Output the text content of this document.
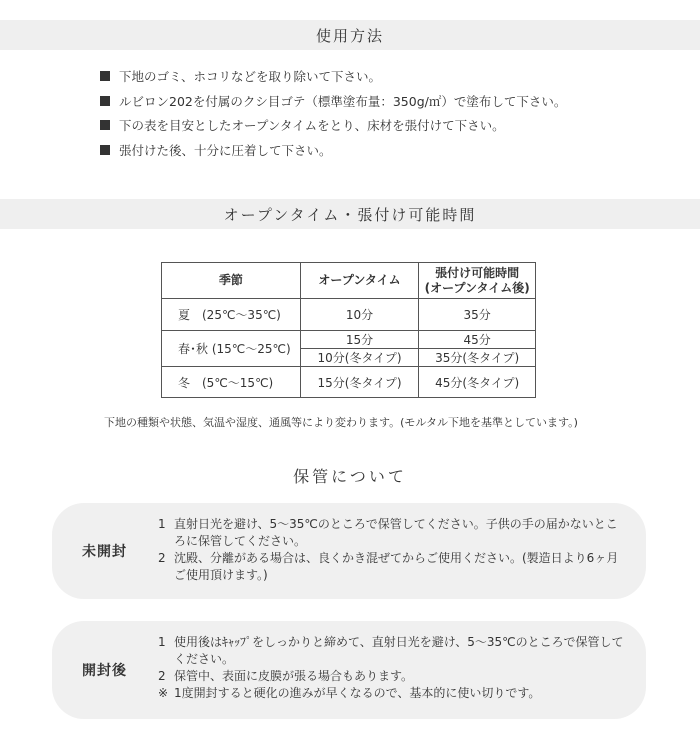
使用方法
下地のゴミ、ホコリなどを取り除いて下さい。
ルビロン202を付属のクシ目ゴテ（標準塗布量：350g/㎡）で塗布して下さい。
下の表を目安としたオープンタイムをとり、床材を張付けて下さい。
張付けた後、十分に圧着して下さい。
オープンタイム・張付け可能時間
季節	オープンタイム	張付け可能時間
(オープンタイム後)

夏　(25℃〜35℃)	10分	35分
春･秋 (15℃〜25℃)	15分	45分
	10分(冬タイプ)	35分(冬タイプ)
冬　(5℃〜15℃)	15分(冬タイプ)	45分(冬タイプ)
下地の種類や状態、気温や湿度、通風等により変わります。(モルタル下地を基準としています。)
保管について
未開封
1 直射日光を避け、5〜35℃のところで保管してください。子供の手の届かないところに保管してください。
2 沈殿、分離がある場合は、良くかき混ぜてからご使用ください。(製造日より6ヶ月ご使用頂けます。)
開封後
1 使用後はｷｬｯﾌﾟをしっかりと締めて、直射日光を避け、5〜35℃のところで保管してください。
2 保管中、表面に皮膜が張る場合もあります。
※ 1度開封すると硬化の進みが早くなるので、基本的に使い切りです。
